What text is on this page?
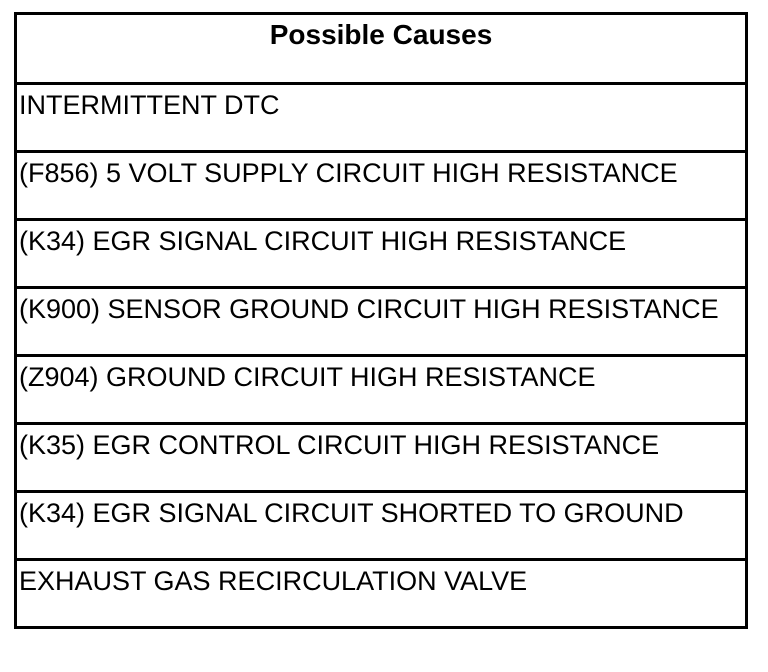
Possible Causes
INTERMITTENT DTC
(F856) 5 VOLT SUPPLY CIRCUIT HIGH RESISTANCE
(K34) EGR SIGNAL CIRCUIT HIGH RESISTANCE
(K900) SENSOR GROUND CIRCUIT HIGH RESISTANCE
(Z904) GROUND CIRCUIT HIGH RESISTANCE
(K35) EGR CONTROL CIRCUIT HIGH RESISTANCE
(K34) EGR SIGNAL CIRCUIT SHORTED TO GROUND
EXHAUST GAS RECIRCULATION VALVE
